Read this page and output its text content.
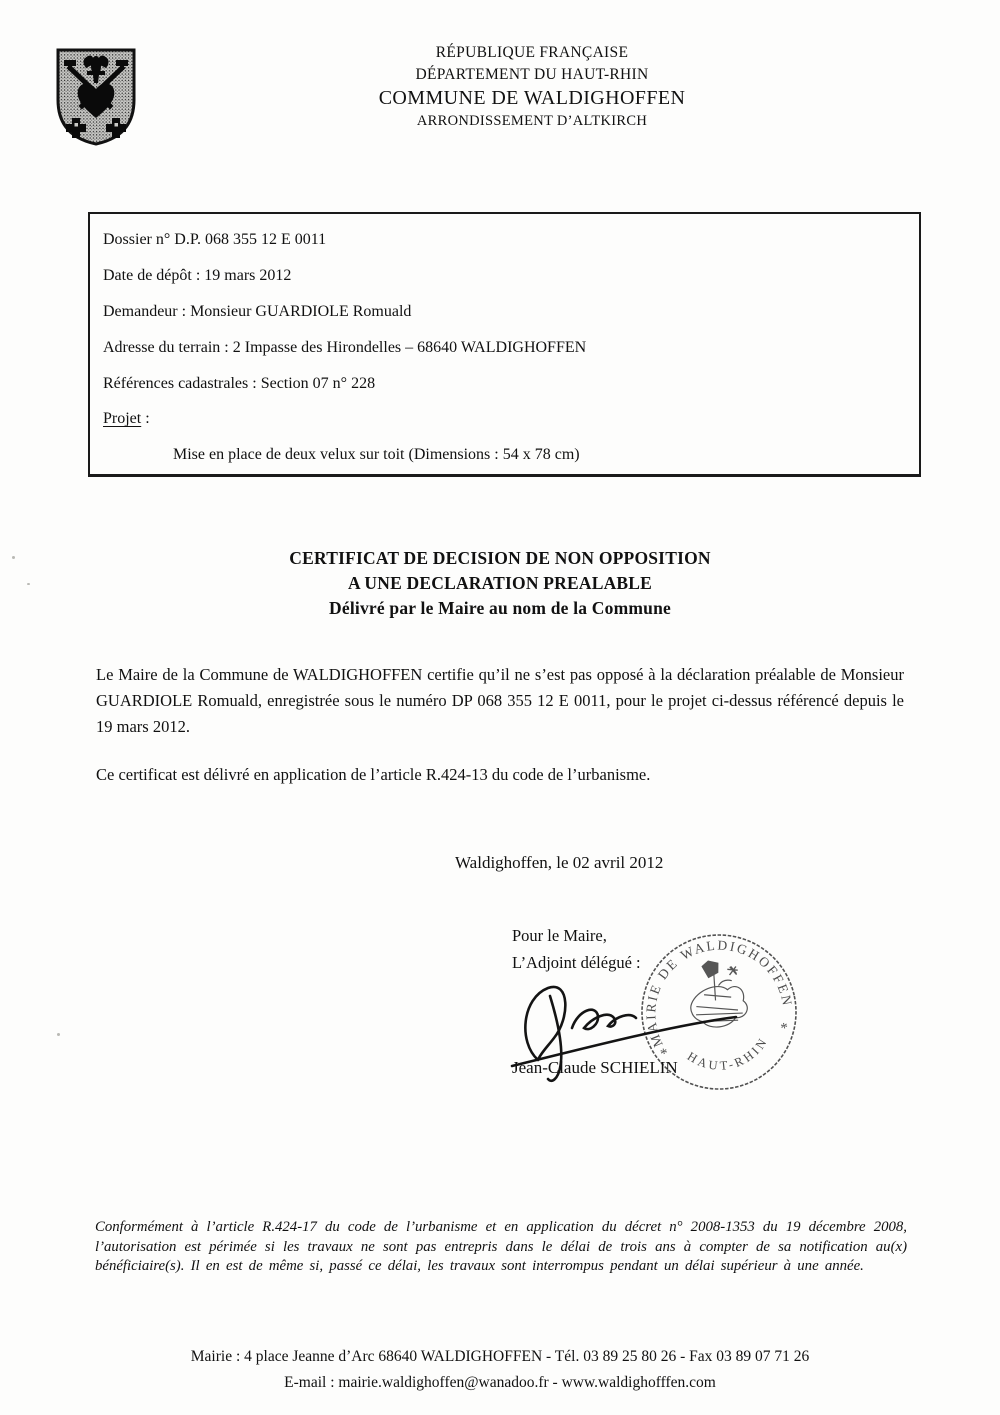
RÉPUBLIQUE FRANÇAISE
DÉPARTEMENT DU HAUT-RHIN
COMMUNE DE WALDIGHOFFEN
ARRONDISSEMENT D’ALTKIRCH
Dossier n° D.P. 068 355 12 E 0011
Date de dépôt : 19 mars 2012
Demandeur : Monsieur GUARDIOLE Romuald
Adresse du terrain : 2 Impasse des Hirondelles – 68640 WALDIGHOFFEN
Références cadastrales : Section 07 n° 228
Projet :
Mise en place de deux velux sur toit (Dimensions : 54 x 78 cm)
CERTIFICAT DE DECISION DE NON OPPOSITION
A UNE DECLARATION PREALABLE
Délivré par le Maire au nom de la Commune
Le Maire de la Commune de WALDIGHOFFEN certifie qu’il ne s’est pas opposé à la déclaration préalable de Monsieur GUARDIOLE Romuald, enregistrée sous le numéro DP 068 355 12 E 0011, pour le projet ci-dessus référencé depuis le 19 mars 2012.
Ce certificat est délivré en application de l’article R.424-13 du code de l’urbanisme.
Waldighoffen, le 02 avril 2012
Pour le Maire,
L’Adjoint délégué :
MAIRIE DE WALDIGHOFFEN
HAUT-RHIN
*
*
Jean-Claude SCHIELIN
Conformément à l’article R.424-17 du code de l’urbanisme et en application du décret n° 2008-1353 du 19 décembre 2008, l’autorisation est périmée si les travaux ne sont pas entrepris dans le délai de trois ans à compter de sa notification au(x) bénéficiaire(s). Il en est de même si, passé ce délai, les travaux sont interrompus pendant un délai supérieur à une année.
Mairie : 4 place Jeanne d’Arc 68640 WALDIGHOFFEN - Tél. 03 89 25 80 26 - Fax 03 89 07 71 26
E-mail : mairie.waldighoffen@wanadoo.fr - www.waldighofffen.com
